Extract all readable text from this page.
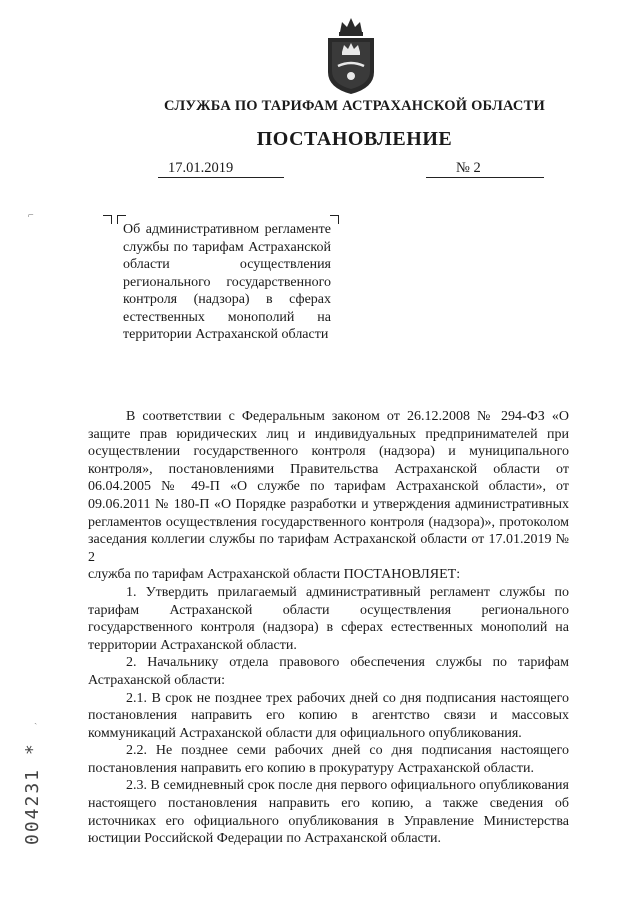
СЛУЖБА ПО ТАРИФАМ АСТРАХАНСКОЙ ОБЛАСТИ
ПОСТАНОВЛЕНИЕ
17.01.2019	№ 2
Об административном регламенте службы по тарифам Астраханской области осуществления регионального государственного контроля (надзора) в сферах естественных монополий на территории Астраханской области

В соответствии с Федеральным законом от 26.12.2008 № 294-ФЗ «О защите прав юридических лиц и индивидуальных предпринимателей при осуществлении государственного контроля (надзора) и муниципального контроля», постановлениями Правительства Астраханской области от 06.04.2005 № 49-П «О службе по тарифам Астраханской области», от 09.06.2011 № 180-П «О Порядке разработки и утверждения административных регламентов осуществления государственного контроля (надзора)», протоколом заседания коллегии службы по тарифам Астраханской области от 17.01.2019 № 2

служба по тарифам Астраханской области ПОСТАНОВЛЯЕТ:

1. Утвердить прилагаемый административный регламент службы по тарифам Астраханской области осуществления регионального государственного контроля (надзора) в сферах естественных монополий на территории Астраханской области.

2. Начальнику отдела правового обеспечения службы по тарифам Астраханской области:

2.1. В срок не позднее трех рабочих дней со дня подписания настоящего постановления направить его копию в агентство связи и массовых коммуникаций Астраханской области для официального опубликования.

2.2. Не позднее семи рабочих дней со дня подписания настоящего постановления направить его копию в прокуратуру Астраханской области.

2.3. В семидневный срок после дня первого официального опубликования настоящего постановления направить его копию, а также сведения об источниках его официального опубликования в Управление Министерства юстиции Российской Федерации по Астраханской области.

⌐
ˎ
004231 *
